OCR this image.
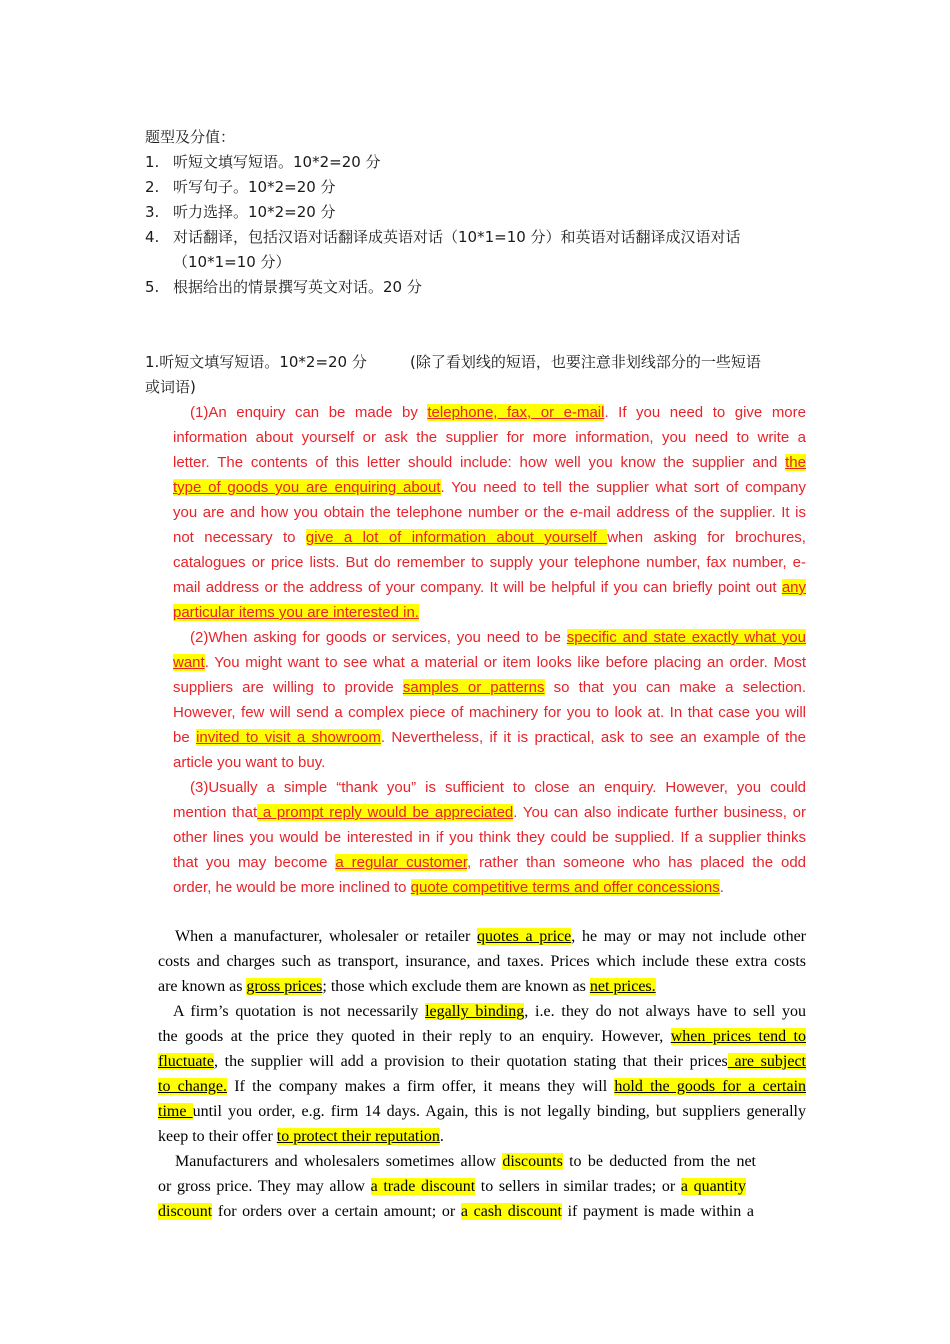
题型及分值：
1. 听短文填写短语。10*2=20 分
2. 听写句子。10*2=20 分
3. 听力选择。10*2=20 分
4. 对话翻译，包括汉语对话翻译成英语对话（10*1=10 分）和英语对话翻译成汉语对话
（10*1=10 分）
5. 根据给出的情景撰写英文对话。20 分
1.听短文填写短语。10*2=20 分	(除了看划线的短语，也要注意非划线部分的一些短语
或词语)
(1)An enquiry can be made by telephone, fax, or e-mail. If you need to give more
information about yourself or ask the supplier for more information, you need to write a
letter. The contents of this letter should include: how well you know the supplier and the
type of goods you are enquiring about. You need to tell the supplier what sort of company
you are and how you obtain the telephone number or the e-mail address of the supplier. It is
not necessary to give a lot of information about yourself when asking for brochures,
catalogues or price lists. But do remember to supply your telephone number, fax number, e-
mail address or the address of your company. It will be helpful if you can briefly point out any
particular items you are interested in.
(2)When asking for goods or services, you need to be specific and state exactly what you
want. You might want to see what a material or item looks like before placing an order. Most
suppliers are willing to provide samples or patterns so that you can make a selection.
However, few will send a complex piece of machinery for you to look at. In that case you will
be invited to visit a showroom. Nevertheless, if it is practical, ask to see an example of the
article you want to buy.
(3)Usually a simple “thank you” is sufficient to close an enquiry. However, you could
mention that a prompt reply would be appreciated. You can also indicate further business, or
other lines you would be interested in if you think they could be supplied. If a supplier thinks
that you may become a regular customer, rather than someone who has placed the odd
order, he would be more inclined to quote competitive terms and offer concessions.
When a manufacturer, wholesaler or retailer quotes a price, he may or may not include other
costs and charges such as transport, insurance, and taxes. Prices which include these extra costs
are known as gross prices; those which exclude them are known as net prices.
A firm’s quotation is not necessarily legally binding, i.e. they do not always have to sell you
the goods at the price they quoted in their reply to an enquiry. However, when prices tend to
fluctuate, the supplier will add a provision to their quotation stating that their prices are subject
to change. If the company makes a firm offer, it means they will hold the goods for a certain
time until you order, e.g. firm 14 days. Again, this is not legally binding, but suppliers generally
keep to their offer to protect their reputation.
Manufacturers and wholesalers sometimes allow discounts to be deducted from the net
or gross price. They may allow a trade discount to sellers in similar trades; or a quantity
discount for orders over a certain amount; or a cash discount if payment is made within a
